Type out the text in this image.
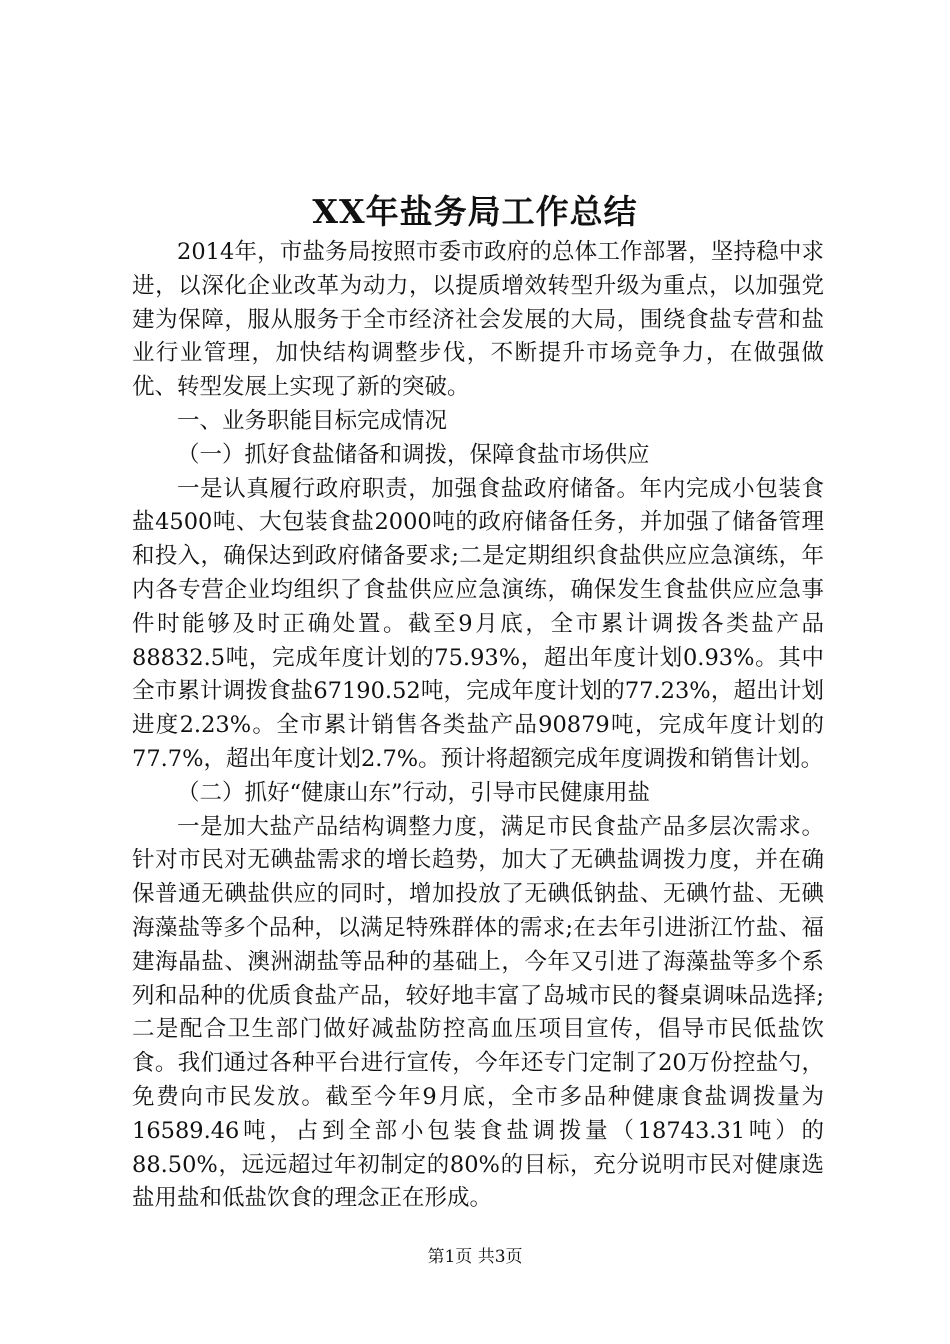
XX年盐务局工作总结

2014年，市盐务局按照市委市政府的总体工作部署，坚持稳中求进，以深化企业改革为动力，以提质增效转型升级为重点，以加强党建为保障，服从服务于全市经济社会发展的大局，围绕食盐专营和盐业行业管理，加快结构调整步伐，不断提升市场竞争力，在做强做优、转型发展上实现了新的突破。

一、业务职能目标完成情况

（一）抓好食盐储备和调拨，保障食盐市场供应

一是认真履行政府职责，加强食盐政府储备。年内完成小包装食盐4500吨、大包装食盐2000吨的政府储备任务，并加强了储备管理和投入，确保达到政府储备要求;二是定期组织食盐供应应急演练，年内各专营企业均组织了食盐供应应急演练，确保发生食盐供应应急事件时能够及时正确处置。截至9月底，全市累计调拨各类盐产品88832.5吨，完成年度计划的75.93%，超出年度计划0.93%。其中全市累计调拨食盐67190.52吨，完成年度计划的77.23%，超出计划进度2.23%。全市累计销售各类盐产品90879吨，完成年度计划的77.7%，超出年度计划2.7%。预计将超额完成年度调拨和销售计划。

（二）抓好“健康山东”行动，引导市民健康用盐

一是加大盐产品结构调整力度，满足市民食盐产品多层次需求。针对市民对无碘盐需求的增长趋势，加大了无碘盐调拨力度，并在确保普通无碘盐供应的同时，增加投放了无碘低钠盐、无碘竹盐、无碘海藻盐等多个品种，以满足特殊群体的需求;在去年引进浙江竹盐、福建海晶盐、澳洲湖盐等品种的基础上，今年又引进了海藻盐等多个系列和品种的优质食盐产品，较好地丰富了岛城市民的餐桌调味品选择;二是配合卫生部门做好减盐防控高血压项目宣传，倡导市民低盐饮食。我们通过各种平台进行宣传，今年还专门定制了20万份控盐勺，免费向市民发放。截至今年9月底，全市多品种健康食盐调拨量为16589.46吨，占到全部小包装食盐调拨量（18743.31吨）的88.50%，远远超过年初制定的80%的目标，充分说明市民对健康选盐用盐和低盐饮食的理念正在形成。

第1页 共3页
